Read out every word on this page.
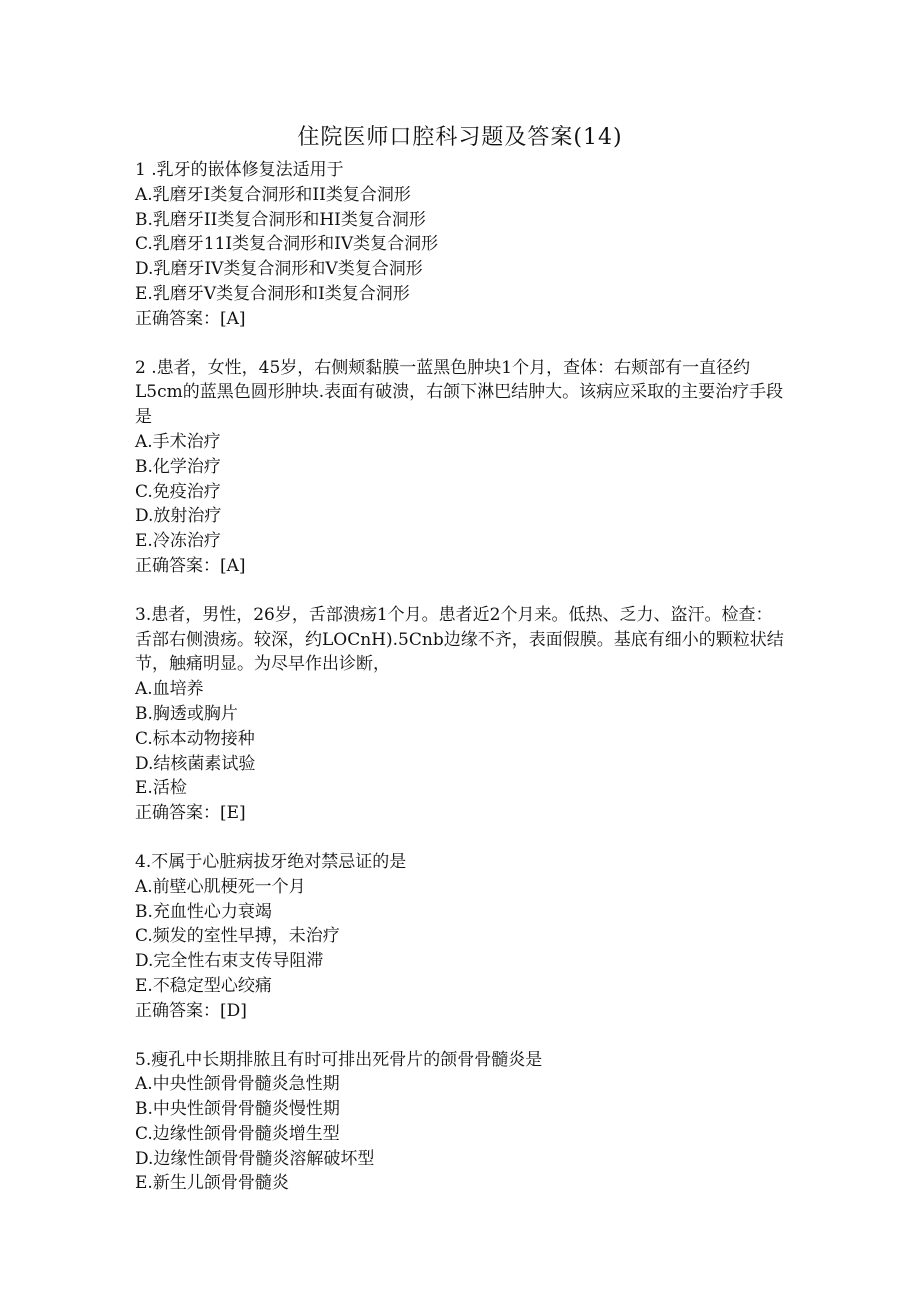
住院医师口腔科习题及答案(14)
1 .乳牙的嵌体修复法适用于
A.乳磨牙I类复合洞形和II类复合洞形
B.乳磨牙II类复合洞形和HI类复合洞形
C.乳磨牙11I类复合洞形和IV类复合洞形
D.乳磨牙IV类复合洞形和V类复合洞形
E.乳磨牙V类复合洞形和I类复合洞形
正确答案：[A]
2 .患者，女性，45岁，右侧颊黏膜一蓝黑色肿块1个月，查体：右颊部有一直径约L5cm的蓝黑色圆形肿块.表面有破溃，右颌下淋巴结肿大。该病应采取的主要治疗手段是
A.手术治疗
B.化学治疗
C.免疫治疗
D.放射治疗
E.冷冻治疗
正确答案：[A]
3.患者，男性，26岁，舌部溃疡1个月。患者近2个月来。低热、乏力、盗汗。检查：舌部右侧溃疡。较深，约LOCnH).5Cnb边缘不齐，表面假膜。基底有细小的颗粒状结节，触痛明显。为尽早作出诊断，
A.血培养
B.胸透或胸片
C.标本动物接种
D.结核菌素试验
E.活检
正确答案：[E]
4.不属于心脏病拔牙绝对禁忌证的是
A.前壁心肌梗死一个月
B.充血性心力衰竭
C.频发的室性早搏，未治疗
D.完全性右束支传导阻滞
E.不稳定型心绞痛
正确答案：[D]
5.瘦孔中长期排脓且有时可排出死骨片的颌骨骨髓炎是
A.中央性颌骨骨髓炎急性期
B.中央性颌骨骨髓炎慢性期
C.边缘性颌骨骨髓炎增生型
D.边缘性颌骨骨髓炎溶解破坏型
E.新生儿颌骨骨髓炎
